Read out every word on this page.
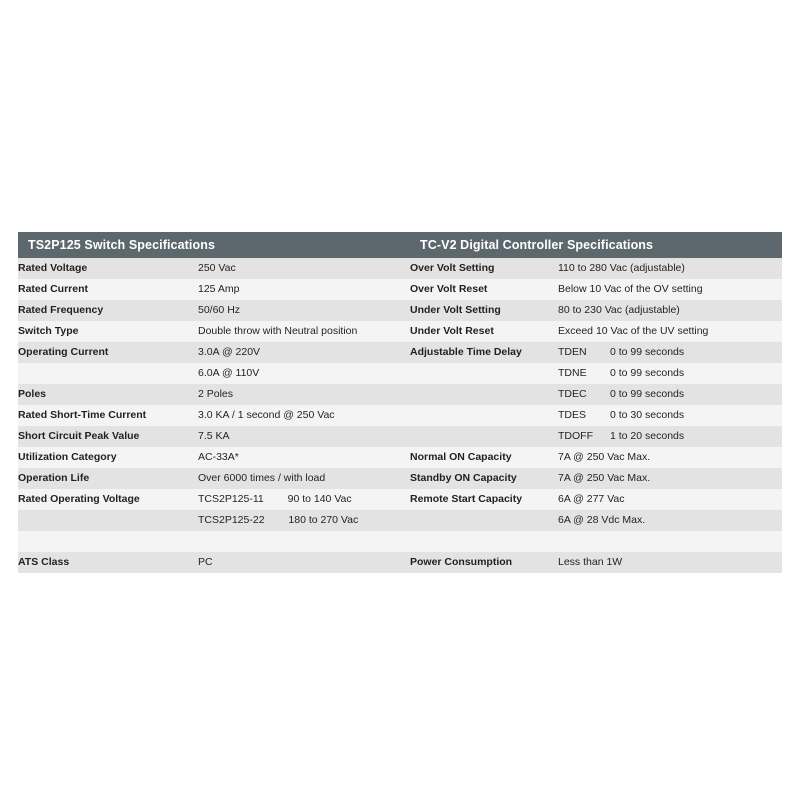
TS2P125 Switch Specifications			TC-V2 Digital Controller Specifications		
Rated Voltage	250 Vac		Over Volt Setting	110 to 280 Vac (adjustable)	
Rated Current	125 Amp		Over Volt Reset	Below 10 Vac of the OV setting	
Rated Frequency	50/60 Hz		Under Volt Setting	80 to 230 Vac (adjustable)	
Switch Type	Double throw with Neutral position		Under Volt Reset	Exceed 10 Vac of the UV setting	
Operating Current	3.0A @ 220V		Adjustable Time Delay	TDEN	0 to 99 seconds
	6.0A @ 110V			TDNE	0 to 99 seconds
Poles	2 Poles			TDEC	0 to 99 seconds
Rated Short-Time Current	3.0 KA / 1 second @ 250 Vac			TDES	0 to 30 seconds
Short Circuit Peak Value	7.5 KA			TDOFF	1 to 20 seconds
Utilization Category	AC-33A*		Normal ON Capacity	7A @ 250 Vac Max.	
Operation Life	Over 6000 times / with load		Standby ON Capacity	7A @ 250 Vac Max.	
Rated Operating Voltage	TCS2P125-11 90 to 140 Vac		Remote Start Capacity	6A @ 277 Vac	
	TCS2P125-22 180 to 270 Vac			6A @ 28 Vdc Max.	

ATS Class	PC		Power Consumption	Less than 1W	
